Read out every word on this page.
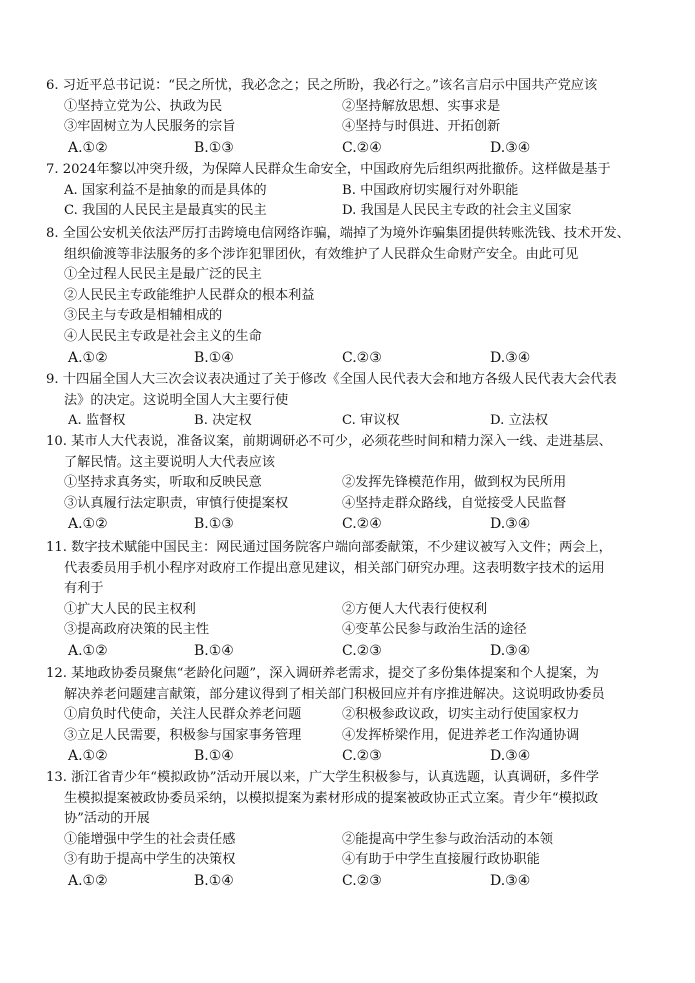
6. 习近平总书记说：“民之所忧，我必念之；民之所盼，我必行之。”该名言启示中国共产党应该
①坚持立党为公、执政为民	②坚持解放思想、实事求是
③牢固树立为人民服务的宗旨	④坚持与时俱进、开拓创新
A.①②	B.①③	C.②④	D.③④
7. 2024年黎以冲突升级，为保障人民群众生命安全，中国政府先后组织两批撤侨。这样做是基于
A. 国家利益不是抽象的而是具体的	B. 中国政府切实履行对外职能
C. 我国的人民民主是最真实的民主	D. 我国是人民民主专政的社会主义国家
8. 全国公安机关依法严厉打击跨境电信网络诈骗，端掉了为境外诈骗集团提供转账洗钱、技术开发、
组织偷渡等非法服务的多个涉诈犯罪团伙，有效维护了人民群众生命财产安全。由此可见
①全过程人民民主是最广泛的民主
②人民民主专政能维护人民群众的根本利益
③民主与专政是相辅相成的
④人民民主专政是社会主义的生命
A.①②	B.①④	C.②③	D.③④
9. 十四届全国人大三次会议表决通过了关于修改《全国人民代表大会和地方各级人民代表大会代表
法》的决定。这说明全国人大主要行使
A. 监督权	B. 决定权	C. 审议权	D. 立法权
10. 某市人大代表说，准备议案，前期调研必不可少，必须花些时间和精力深入一线、走进基层、
了解民情。这主要说明人大代表应该
①坚持求真务实，听取和反映民意	②发挥先锋模范作用，做到权为民所用
③认真履行法定职责，审慎行使提案权	④坚持走群众路线，自觉接受人民监督
A.①②	B.①③	C.②④	D.③④
11. 数字技术赋能中国民主：网民通过国务院客户端向部委献策，不少建议被写入文件；两会上，
代表委员用手机小程序对政府工作提出意见建议，相关部门研究办理。这表明数字技术的运用
有利于
①扩大人民的民主权利	②方便人大代表行使权利
③提高政府决策的民主性	④变革公民参与政治生活的途径
A.①②	B.①④	C.②③	D.③④
12. 某地政协委员聚焦“老龄化问题”，深入调研养老需求，提交了多份集体提案和个人提案，为
解决养老问题建言献策，部分建议得到了相关部门积极回应并有序推进解决。这说明政协委员
①肩负时代使命，关注人民群众养老问题	②积极参政议政，切实主动行使国家权力
③立足人民需要，积极参与国家事务管理	④发挥桥梁作用，促进养老工作沟通协调
A.①②	B.①④	C.②③	D.③④
13. 浙江省青少年“模拟政协”活动开展以来，广大学生积极参与，认真选题，认真调研，多件学
生模拟提案被政协委员采纳，以模拟提案为素材形成的提案被政协正式立案。青少年“模拟政
协”活动的开展
①能增强中学生的社会责任感	②能提高中学生参与政治活动的本领
③有助于提高中学生的决策权	④有助于中学生直接履行政协职能
A.①②	B.①④	C.②③	D.③④
